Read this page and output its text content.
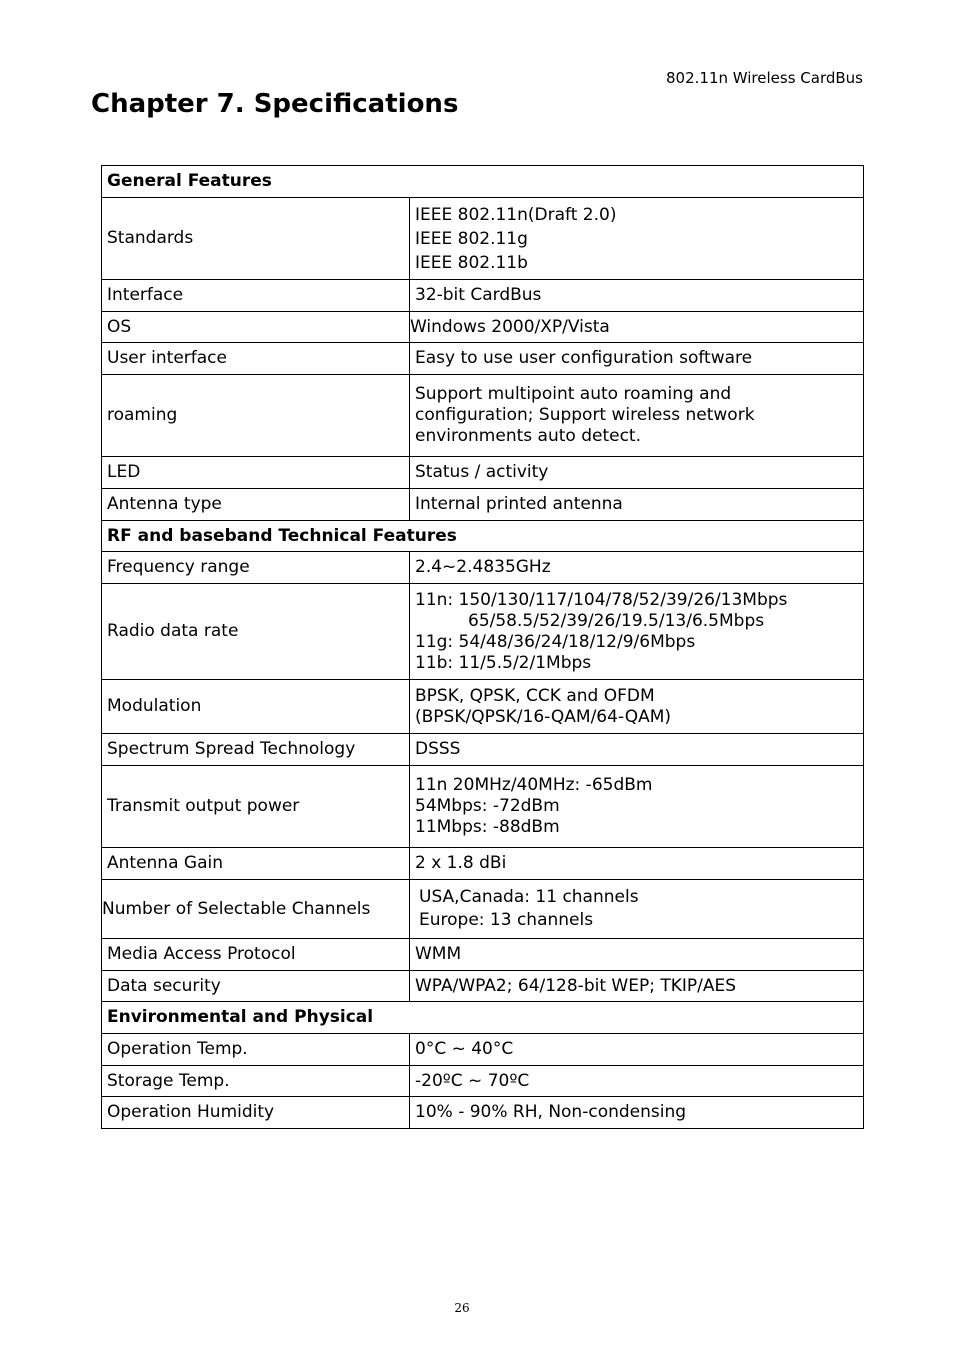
802.11n Wireless CardBus
Chapter 7. Specifications
General Features	
Standards	IEEE 802.11n(Draft 2.0)
IEEE 802.11g
IEEE 802.11b

Interface	32-bit CardBus
OS	Windows 2000/XP/Vista
User interface	Easy to use user configuration software
roaming	Support multipoint auto roaming and
configuration; Support wireless network
environments auto detect.

LED	Status / activity
Antenna type	Internal printed antenna
RF and baseband Technical Features	
Frequency range	2.4~2.4835GHz
Radio data rate	11n: 150/130/117/104/78/52/39/26/13Mbps
65/58.5/52/39/26/19.5/13/6.5Mbps
11g: 54/48/36/24/18/12/9/6Mbps
11b: 11/5.5/2/1Mbps

Modulation	BPSK, QPSK, CCK and OFDM
(BPSK/QPSK/16-QAM/64-QAM)

Spectrum Spread Technology	DSSS
Transmit output power	11n 20MHz/40MHz: -65dBm
54Mbps: -72dBm
11Mbps: -88dBm

Antenna Gain	2 x 1.8 dBi
Number of Selectable Channels	USA,Canada: 11 channels
Europe: 13 channels

Media Access Protocol	WMM
Data security	WPA/WPA2; 64/128-bit WEP; TKIP/AES
Environmental and Physical	
Operation Temp.	0°C ~ 40°C
Storage Temp.	-20ºC ~ 70ºC
Operation Humidity	10% - 90% RH, Non-condensing
26
